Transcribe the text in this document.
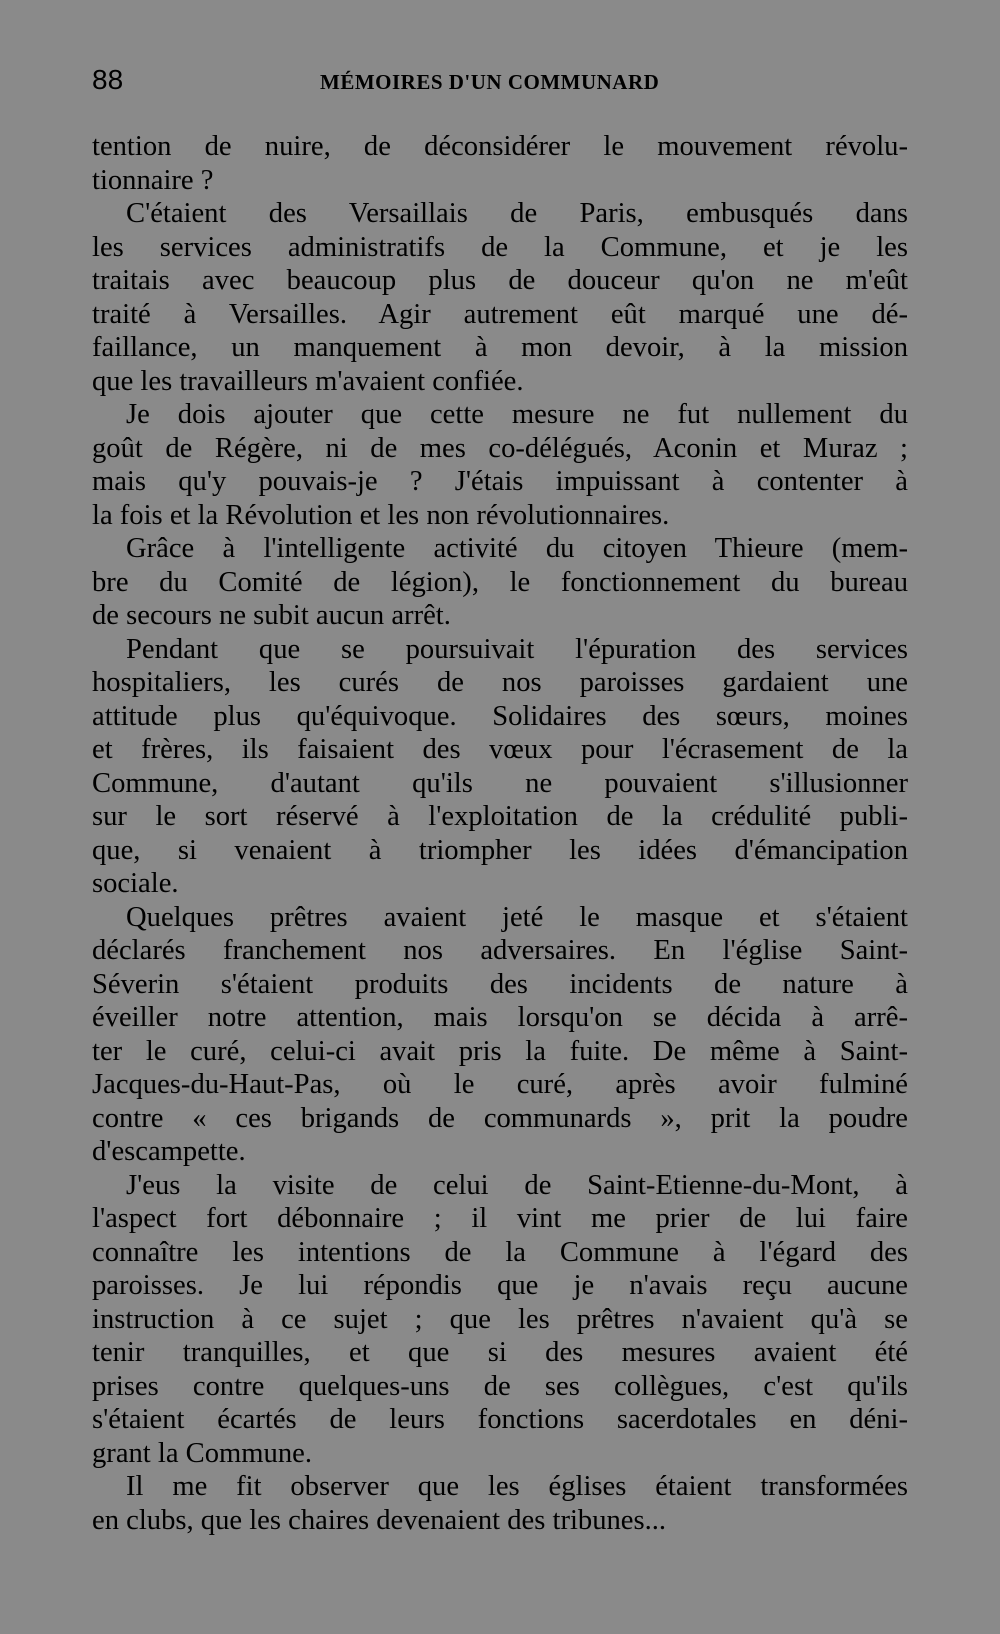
88	MÉMOIRES D'UN COMMUNARD
tention de nuire, de déconsidérer le mouvement révolu-
tionnaire ?
C'étaient des Versaillais de Paris, embusqués dans
les services administratifs de la Commune, et je les
traitais avec beaucoup plus de douceur qu'on ne m'eût
traité à Versailles. Agir autrement eût marqué une dé-
faillance, un manquement à mon devoir, à la mission
que les travailleurs m'avaient confiée.
Je dois ajouter que cette mesure ne fut nullement du
goût de Régère, ni de mes co-délégués, Aconin et Muraz ;
mais qu'y pouvais-je ? J'étais impuissant à contenter à
la fois et la Révolution et les non révolutionnaires.
Grâce à l'intelligente activité du citoyen Thieure (mem-
bre du Comité de légion), le fonctionnement du bureau
de secours ne subit aucun arrêt.
Pendant que se poursuivait l'épuration des services
hospitaliers, les curés de nos paroisses gardaient une
attitude plus qu'équivoque. Solidaires des sœurs, moines
et frères, ils faisaient des vœux pour l'écrasement de la
Commune, d'autant qu'ils ne pouvaient s'illusionner
sur le sort réservé à l'exploitation de la crédulité publi-
que, si venaient à triompher les idées d'émancipation
sociale.
Quelques prêtres avaient jeté le masque et s'étaient
déclarés franchement nos adversaires. En l'église Saint-
Séverin s'étaient produits des incidents de nature à
éveiller notre attention, mais lorsqu'on se décida à arrê-
ter le curé, celui-ci avait pris la fuite. De même à Saint-
Jacques-du-Haut-Pas, où le curé, après avoir fulminé
contre « ces brigands de communards », prit la poudre
d'escampette.
J'eus la visite de celui de Saint-Etienne-du-Mont, à
l'aspect fort débonnaire ; il vint me prier de lui faire
connaître les intentions de la Commune à l'égard des
paroisses. Je lui répondis que je n'avais reçu aucune
instruction à ce sujet ; que les prêtres n'avaient qu'à se
tenir tranquilles, et que si des mesures avaient été
prises contre quelques-uns de ses collègues, c'est qu'ils
s'étaient écartés de leurs fonctions sacerdotales en déni-
grant la Commune.
Il me fit observer que les églises étaient transformées
en clubs, que les chaires devenaient des tribunes...
